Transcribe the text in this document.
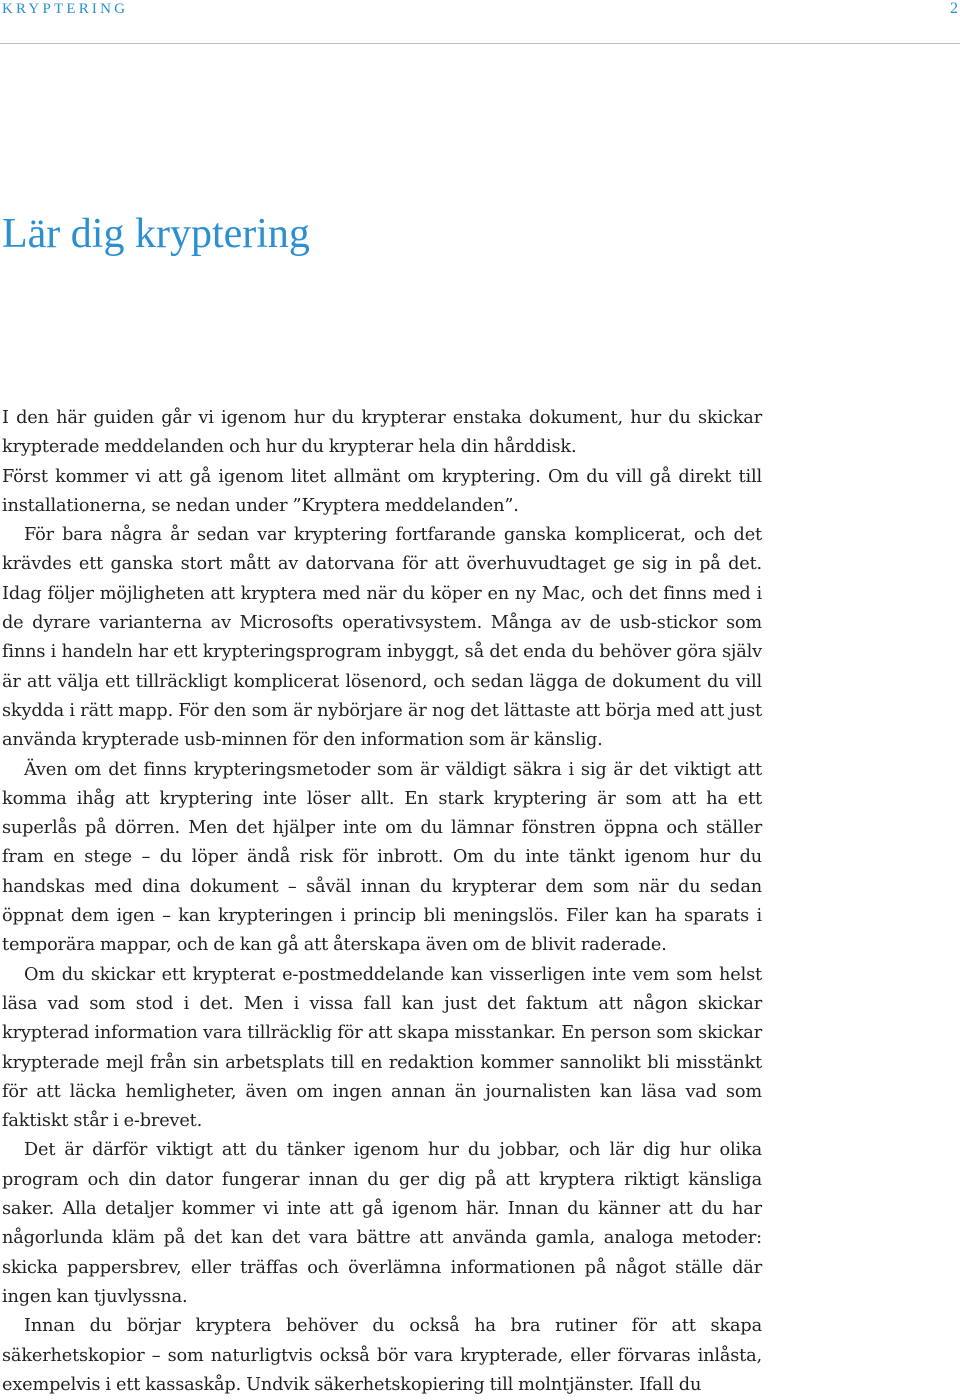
KRYPTERING	2
Lär dig kryptering

I den här guiden går vi igenom hur du krypterar enstaka dokument, hur du skickar krypterade meddelanden och hur du krypterar hela din hårddisk.

Först kommer vi att gå igenom litet allmänt om kryptering. Om du vill gå direkt till installationerna, se nedan under ”Kryptera meddelanden”.

För bara några år sedan var kryptering fortfarande ganska komplicerat, och det krävdes ett ganska stort mått av datorvana för att överhuvudtaget ge sig in på det. Idag följer möjligheten att kryptera med när du köper en ny Mac, och det finns med i de dyrare varianterna av Microsofts operativsystem. Många av de usb-stickor som finns i handeln har ett krypteringsprogram inbyggt, så det enda du behöver göra själv är att välja ett tillräckligt komplicerat lösenord, och sedan lägga de dokument du vill skydda i rätt mapp. För den som är nybörjare är nog det lättaste att börja med att just använda krypterade usb-minnen för den information som är känslig.

Även om det finns krypteringsmetoder som är väldigt säkra i sig är det viktigt att komma ihåg att kryptering inte löser allt. En stark kryptering är som att ha ett superlås på dörren. Men det hjälper inte om du lämnar fönstren öppna och ställer fram en stege – du löper ändå risk för inbrott. Om du inte tänkt igenom hur du handskas med dina dokument – såväl innan du krypterar dem som när du sedan öppnat dem igen – kan krypteringen i princip bli meningslös. Filer kan ha sparats i temporära mappar, och de kan gå att återskapa även om de blivit raderade.

Om du skickar ett krypterat e-postmeddelande kan visserligen inte vem som helst läsa vad som stod i det. Men i vissa fall kan just det faktum att någon skickar krypterad information vara tillräcklig för att skapa misstankar. En person som skickar krypterade mejl från sin arbetsplats till en redaktion kommer sannolikt bli misstänkt för att läcka hemligheter, även om ingen annan än journalisten kan läsa vad som faktiskt står i e-brevet.

Det är därför viktigt att du tänker igenom hur du jobbar, och lär dig hur olika program och din dator fungerar innan du ger dig på att kryptera riktigt känsliga saker. Alla detaljer kommer vi inte att gå igenom här. Innan du känner att du har någorlunda kläm på det kan det vara bättre att använda gamla, analoga metoder: skicka pappersbrev, eller träffas och överlämna informationen på något ställe där ingen kan tjuvlyssna.

Innan du börjar kryptera behöver du också ha bra rutiner för att skapa säkerhetskopior – som naturligtvis också bör vara krypterade, eller förvaras inlåsta, exempelvis i ett kassaskåp. Undvik säkerhetskopiering till molntjänster. Ifall du
